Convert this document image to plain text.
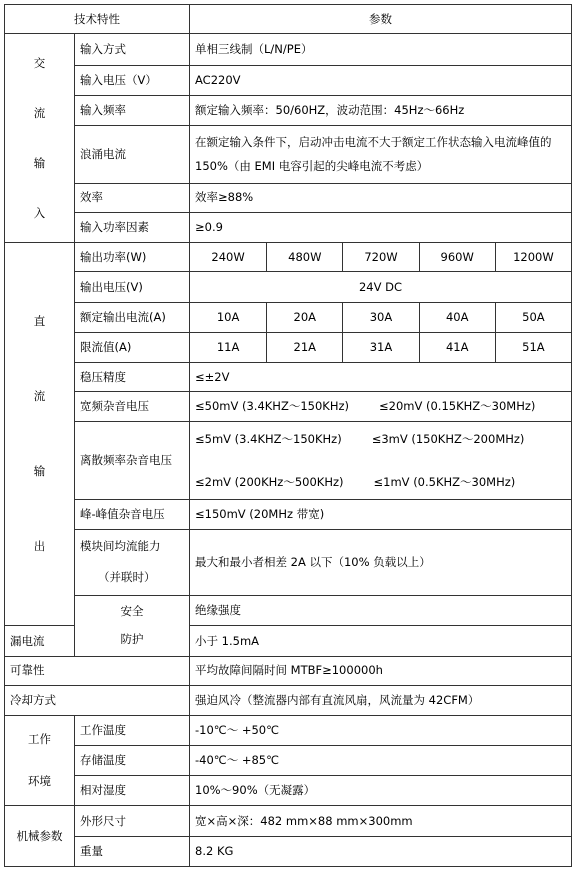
技术特性		参数	

交
流
输
入	输入方式	单相三线制（L/N/PE）	
	输入电压（V）	AC220V	
	输入频率	额定输入频率：50/60HZ，波动范围：45Hz～66Hz	
	浪涌电流	在额定输入条件下，启动冲击电流不大于额定工作状态输入电流峰值的 150%（由 EMI 电容引起的尖峰电流不考虑）	
	效率	效率≥88%	
	输入功率因素	≥0.9	

直
流
输
出	输出功率(W)	240W 480W 720W 960W 1200W	

	输出电压(V)	24V DC	
	额定输出电流(A)	10A 20A 30A 40A 50A	

	限流值(A)	11A 21A 31A 41A 51A	

	稳压精度	≤±2V	
	宽频杂音电压	≤50mV (3.4KHZ～150KHz) ≤20mV (0.15KHZ～30MHz)	
	离散频率杂音电压	≤5mV (3.4KHZ～150KHz) ≤3mV (150KHZ～200MHz)
≤2mV (200KHz～500KHz) ≤1mV (0.5KHZ～30MHz)	

	峰-峰值杂音电压	≤150mV (20MHz 带宽)	

	模块间均流能力
（并联时）	最大和最小者相差 2A 以下（10% 负载以上）	

	安全
防护	绝缘强度	
漏电流		小于 1.5mA	
可靠性		平均故障间隔时间 MTBF≥100000h	
冷却方式		强迫风冷（整流器内部有直流风扇，风流量为 42CFM）	

工作
环境	工作温度	-10℃～ +50℃	
	存储温度	-40℃～ +85℃	
	相对湿度	10%～90%（无凝露）	
机械参数	外形尺寸	宽×高×深：482 mm×88 mm×300mm	
	重量	8.2 KG	
